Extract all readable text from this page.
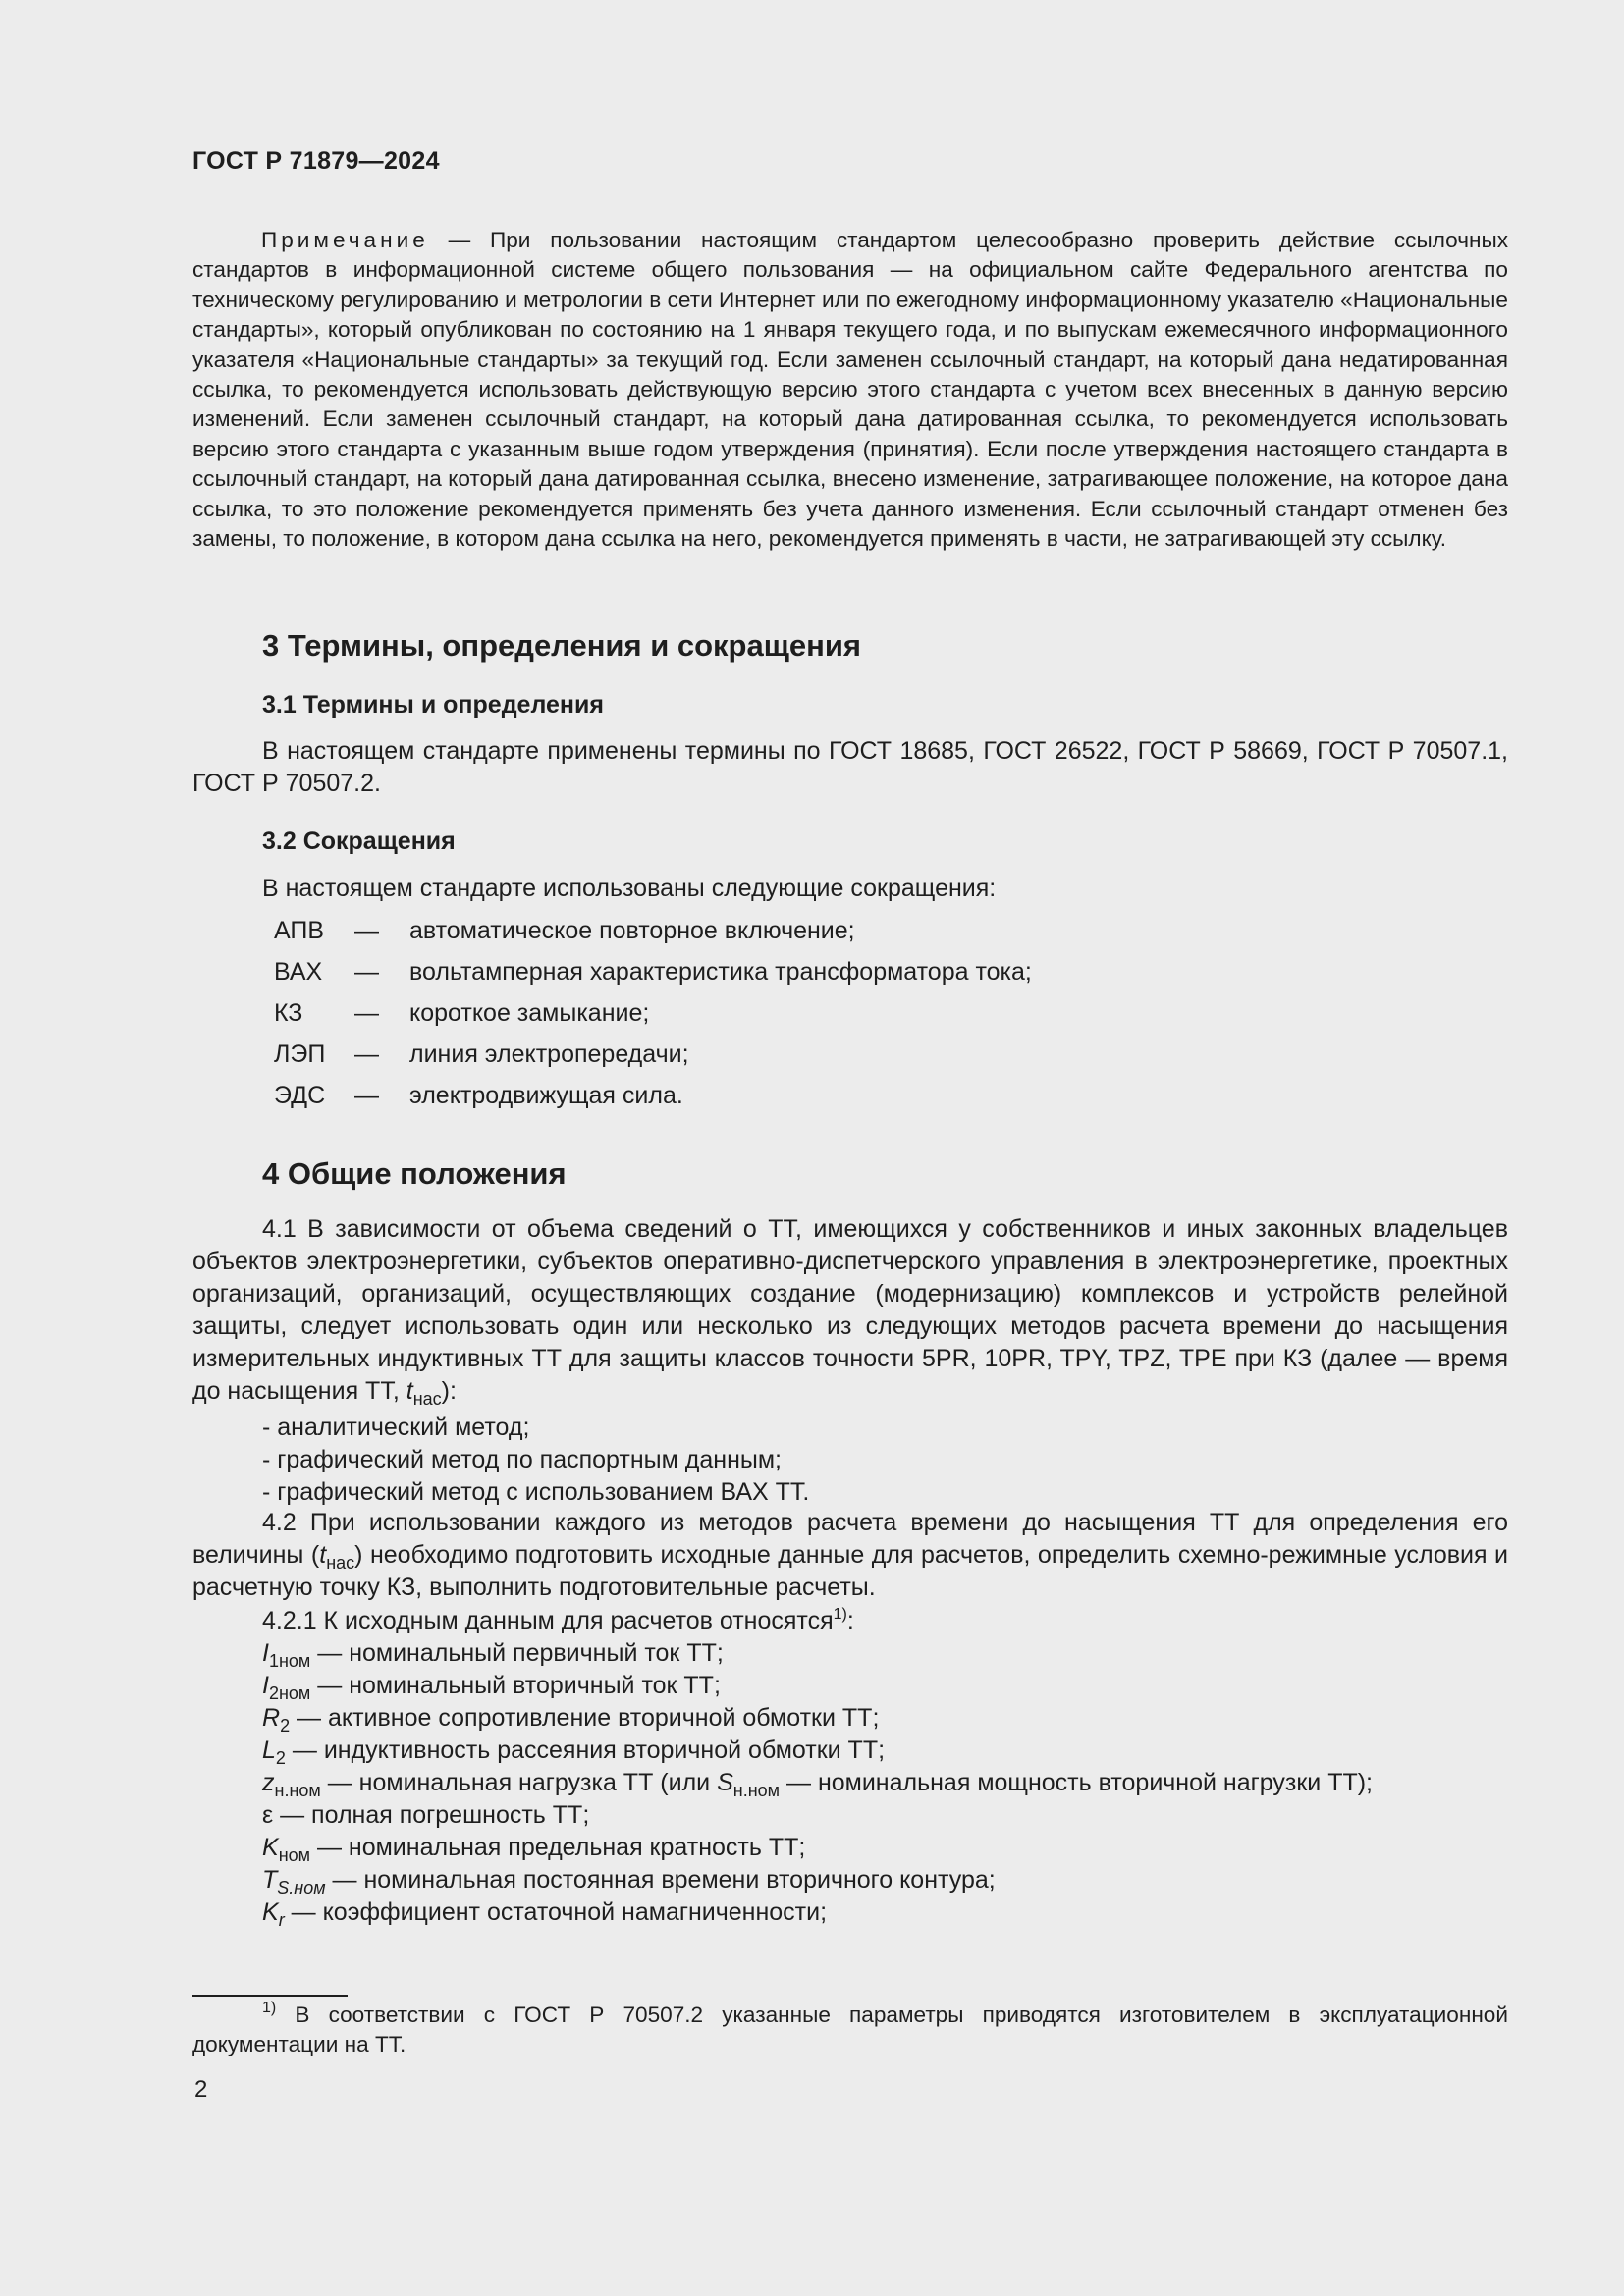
ГОСТ Р 71879—2024
Примечание — При пользовании настоящим стандартом целесообразно проверить действие ссылочных стандартов в информационной системе общего пользования — на официальном сайте Федерального агентства по техническому регулированию и метрологии в сети Интернет или по ежегодному информационному указателю «Национальные стандарты», который опубликован по состоянию на 1 января текущего года, и по выпускам ежемесячного информационного указателя «Национальные стандарты» за текущий год. Если заменен ссылочный стандарт, на который дана недатированная ссылка, то рекомендуется использовать действующую версию этого стандарта с учетом всех внесенных в данную версию изменений. Если заменен ссылочный стандарт, на который дана датированная ссылка, то рекомендуется использовать версию этого стандарта с указанным выше годом утверждения (принятия). Если после утверждения настоящего стандарта в ссылочный стандарт, на который дана датированная ссылка, внесено изменение, затрагивающее положение, на которое дана ссылка, то это положение рекомендуется применять без учета данного изменения. Если ссылочный стандарт отменен без замены, то положение, в котором дана ссылка на него, рекомендуется применять в части, не затрагивающей эту ссылку.
3 Термины, определения и сокращения
3.1 Термины и определения
В настоящем стандарте применены термины по ГОСТ 18685, ГОСТ 26522, ГОСТ Р 58669, ГОСТ Р 70507.1, ГОСТ Р 70507.2.
3.2 Сокращения
В настоящем стандарте использованы следующие сокращения:
АПВ — автоматическое повторное включение;
ВАХ — вольтамперная характеристика трансформатора тока;
КЗ — короткое замыкание;
ЛЭП — линия электропередачи;
ЭДС — электродвижущая сила.
4 Общие положения
4.1 В зависимости от объема сведений о ТТ, имеющихся у собственников и иных законных владельцев объектов электроэнергетики, субъектов оперативно-диспетчерского управления в электроэнергетике, проектных организаций, организаций, осуществляющих создание (модернизацию) комплексов и устройств релейной защиты, следует использовать один или несколько из следующих методов расчета времени до насыщения измерительных индуктивных ТТ для защиты классов точности 5PR, 10PR, TPY, TPZ, TPE при КЗ (далее — время до насыщения ТТ, $t_{нас}$):
- аналитический метод;
- графический метод по паспортным данным;
- графический метод с использованием ВАХ ТТ.
4.2 При использовании каждого из методов расчета времени до насыщения ТТ для определения его величины $(t_{нас})$ необходимо подготовить исходные данные для расчетов, определить схемно-режимные условия и расчетную точку КЗ, выполнить подготовительные расчеты.
4.2.1 К исходным данным для расчетов относятся$^{1)}$:
$I_{1ном}$ — номинальный первичный ток ТТ;
$I_{2ном}$ — номинальный вторичный ток ТТ;
$R_2$ — активное сопротивление вторичной обмотки ТТ;
$L_2$ — индуктивность рассеяния вторичной обмотки ТТ;
$z_{н.ном}$ — номинальная нагрузка ТТ (или $S_{н.ном}$ — номинальная мощность вторичной нагрузки ТТ);
ε — полная погрешность ТТ;
$K_{ном}$ — номинальная предельная кратность ТТ;
$T_{S.ном}$ — номинальная постоянная времени вторичного контура;
$K_r$ — коэффициент остаточной намагниченности;
$^{1)}$ В соответствии с ГОСТ Р 70507.2 указанные параметры приводятся изготовителем в эксплуатационной документации на ТТ.
2
